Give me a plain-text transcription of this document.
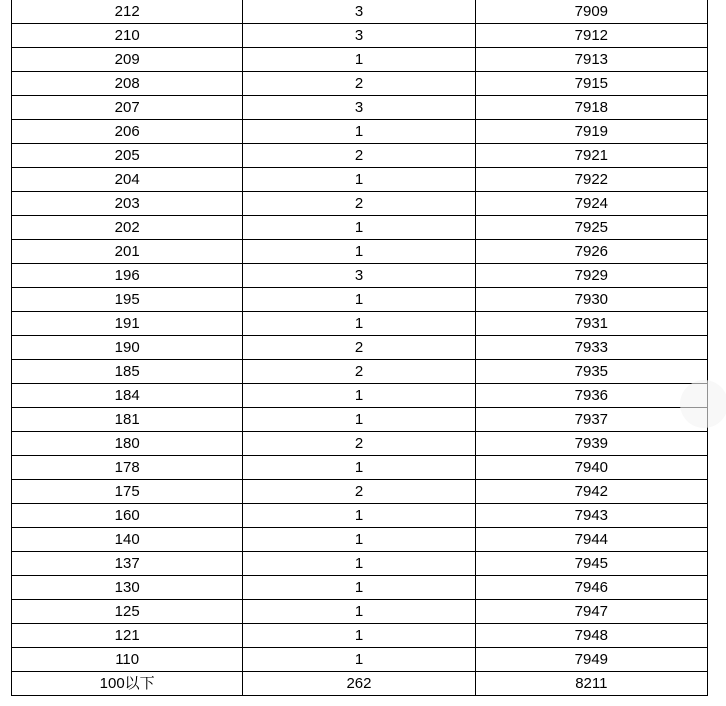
212	3	7909
210	3	7912
209	1	7913
208	2	7915
207	3	7918
206	1	7919
205	2	7921
204	1	7922
203	2	7924
202	1	7925
201	1	7926
196	3	7929
195	1	7930
191	1	7931
190	2	7933
185	2	7935
184	1	7936
181	1	7937
180	2	7939
178	1	7940
175	2	7942
160	1	7943
140	1	7944
137	1	7945
130	1	7946
125	1	7947
121	1	7948
110	1	7949
100以下	262	8211
